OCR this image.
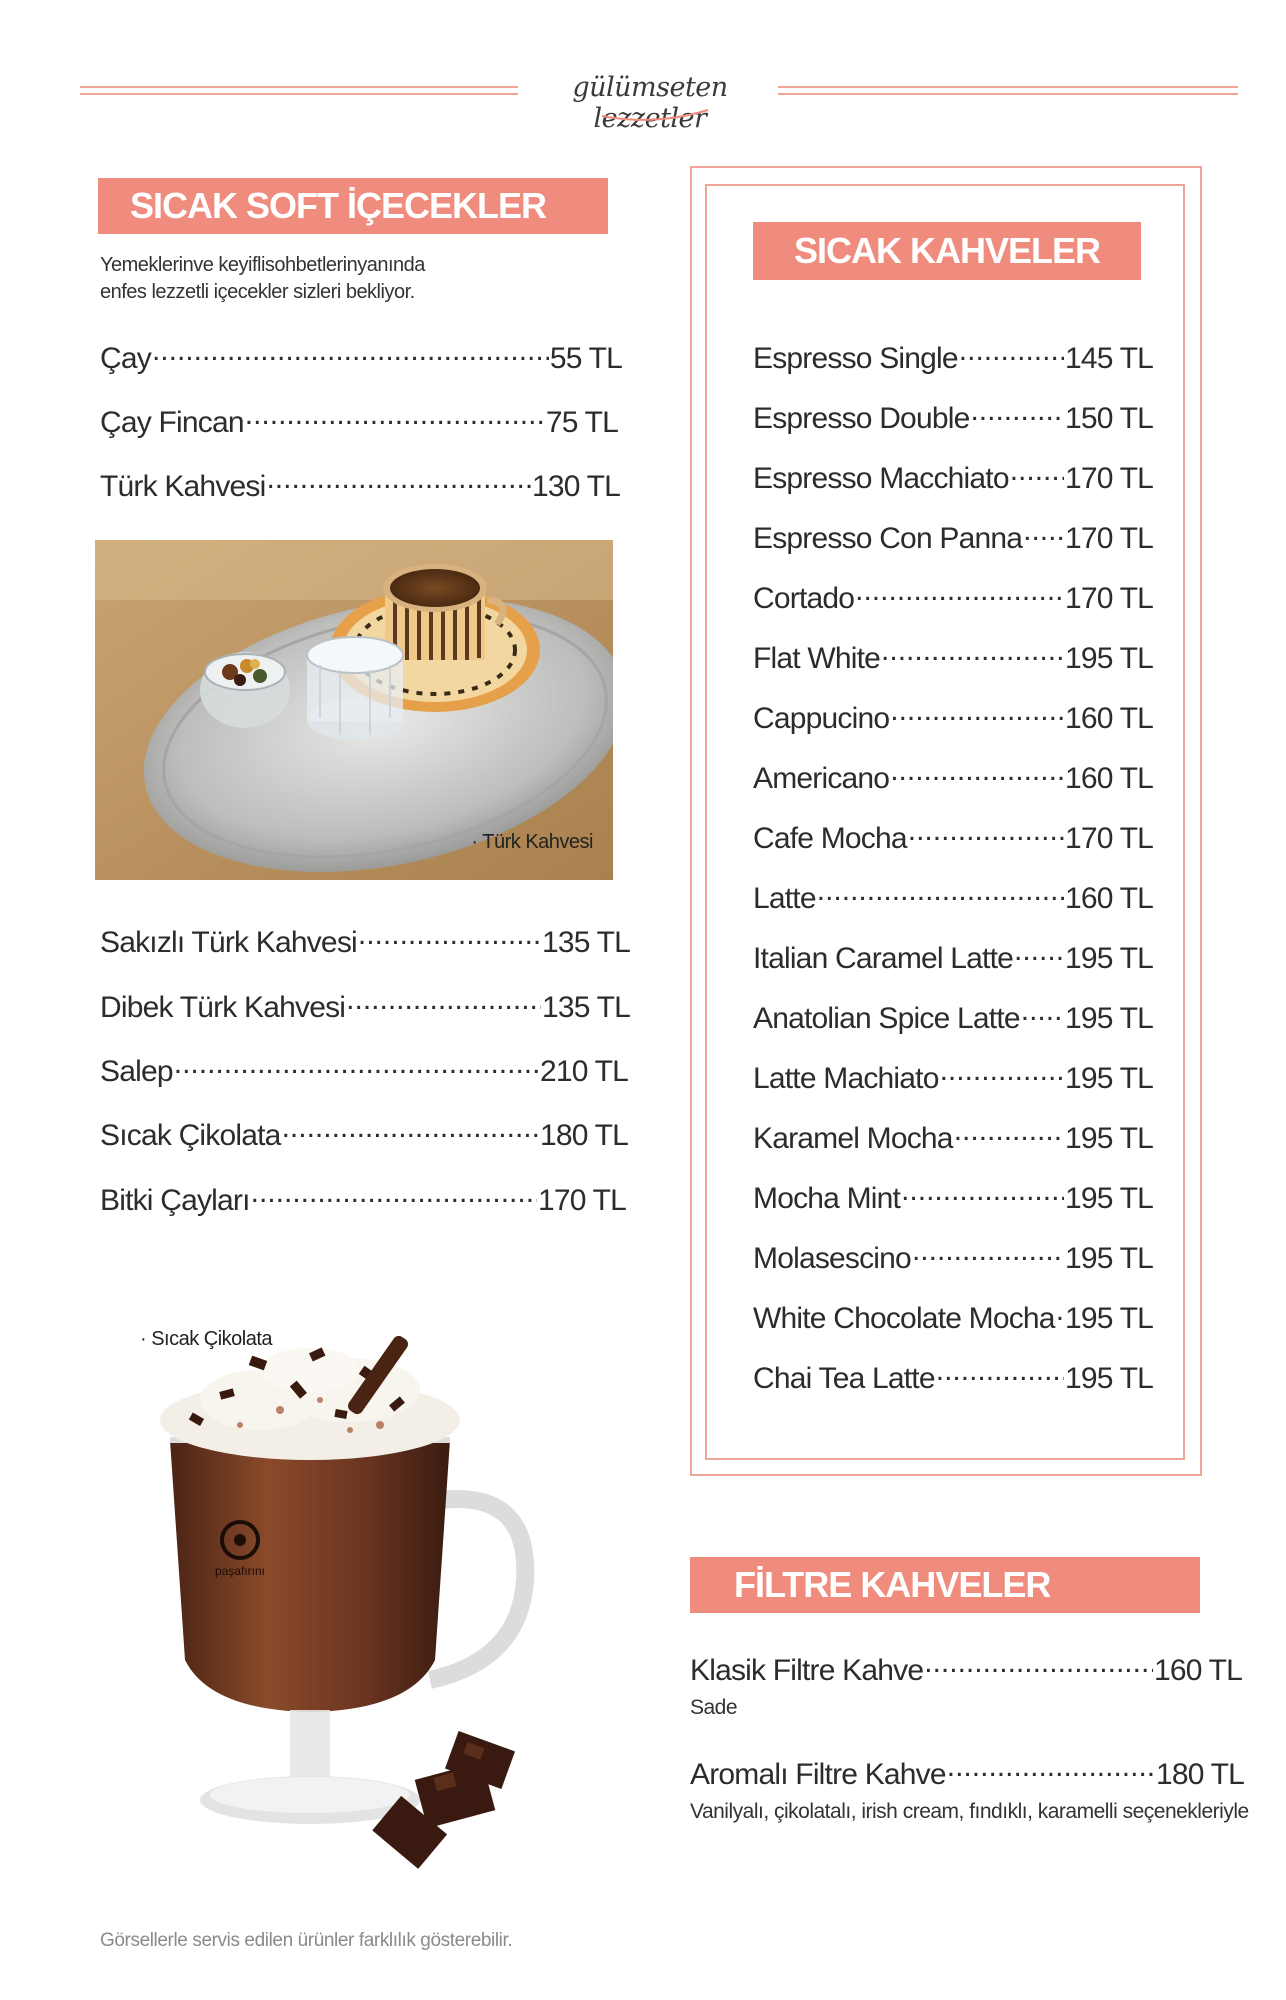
gülümseten lezzetler
SICAK SOFT İÇECEKLER
Yemeklerinve keyiflisohbetlerinyanında
enfes lezzetli içecekler sizleri bekliyor.
Çay .....	55 TL
Çay Fincan .....	75 TL
Türk Kahvesi .....	130 TL
· Türk Kahvesi
Sakızlı Türk Kahvesi .....	135 TL
Dibek Türk Kahvesi .....	135 TL
Salep .....	210 TL
Sıcak Çikolata .....	180 TL
Bitki Çayları .....	170 TL
· Sıcak Çikolata
paşafırını
SICAK KAHVELER
Espresso Single .....	145 TL
Espresso Double .....	150 TL
Espresso Macchiato ..... 170 TL
Espresso Con Panna ..... 170 TL
Cortado .....	170 TL
Flat White .....	195 TL
Cappucino .....	160 TL
Americano .....	160 TL
Cafe Mocha .....	170 TL
Latte .....	160 TL
Italian Caramel Latte ..... 195 TL
Anatolian Spice Latte ..... 195 TL
Latte Machiato .....	195 TL
Karamel Mocha .....	195 TL
Mocha Mint .....	195 TL
Molasescino .....	195 TL
White Chocolate Mocha ..... 195 TL
Chai Tea Latte .....	195 TL
FİLTRE KAHVELER
Klasik Filtre Kahve .....	160 TL
Sade
Aromalı Filtre Kahve .....	180 TL
Vanilyalı, çikolatalı, irish cream, fındıklı, karamelli seçenekleriyle
Görsellerle servis edilen ürünler farklılık gösterebilir.
